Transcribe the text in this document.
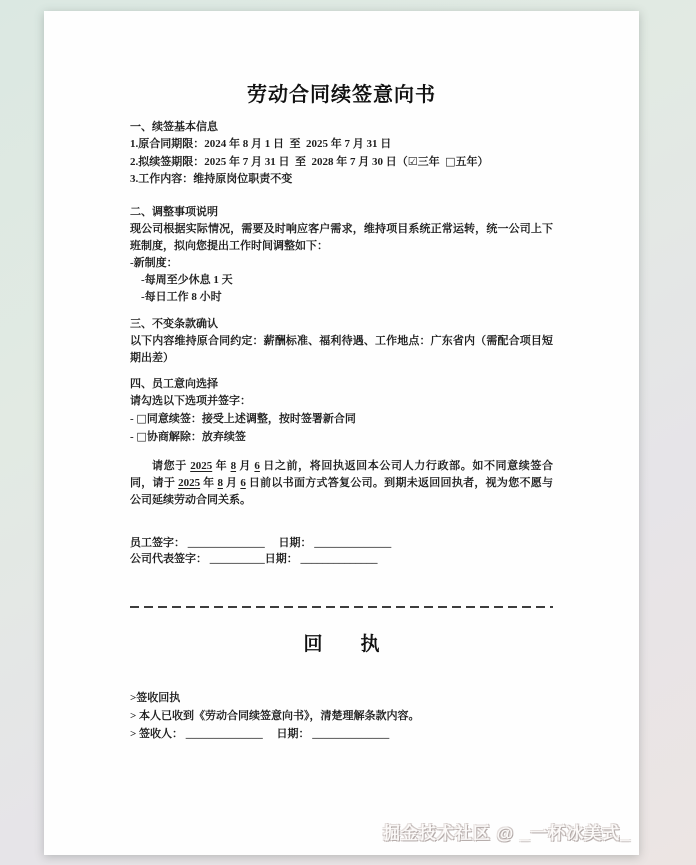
劳动合同续签意向书
一、续签基本信息
1.原合同期限：2024 年 8 月 1 日  至  2025 年 7 月 31 日
2.拟续签期限：2025 年 7 月 31 日  至  2028 年 7 月 30 日（☑三年  □五年）
3.工作内容：维持原岗位职责不变
二、调整事项说明
现公司根据实际情况，需要及时响应客户需求，维持项目系统正常运转，统一公司上下班制度，拟向您提出工作时间调整如下：
-新制度：
-每周至少休息 1 天
-每日工作 8 小时
三、不变条款确认
以下内容维持原合同约定：薪酬标准、福利待遇、工作地点：广东省内（需配合项目短期出差）
四、员工意向选择
请勾选以下选项并签字：
- □同意续签：接受上述调整，按时签署新合同
- □协商解除：放弃续签
请您于 2025 年 8 月 6 日之前，将回执返回本公司人力行政部。如不同意续签合同，请于 2025 年 8 月 6 日前以书面方式答复公司。到期未返回回执者，视为您不愿与公司延续劳动合同关系。
员工签字： ______________　 日期： ______________
公司代表签字： __________日期： ______________
回　　执
>签收回执
> 本人已收到《劳动合同续签意向书》，清楚理解条款内容。
> 签收人： ______________　 日期： ______________
掘金技术社区 @ _一杯冰美式_
